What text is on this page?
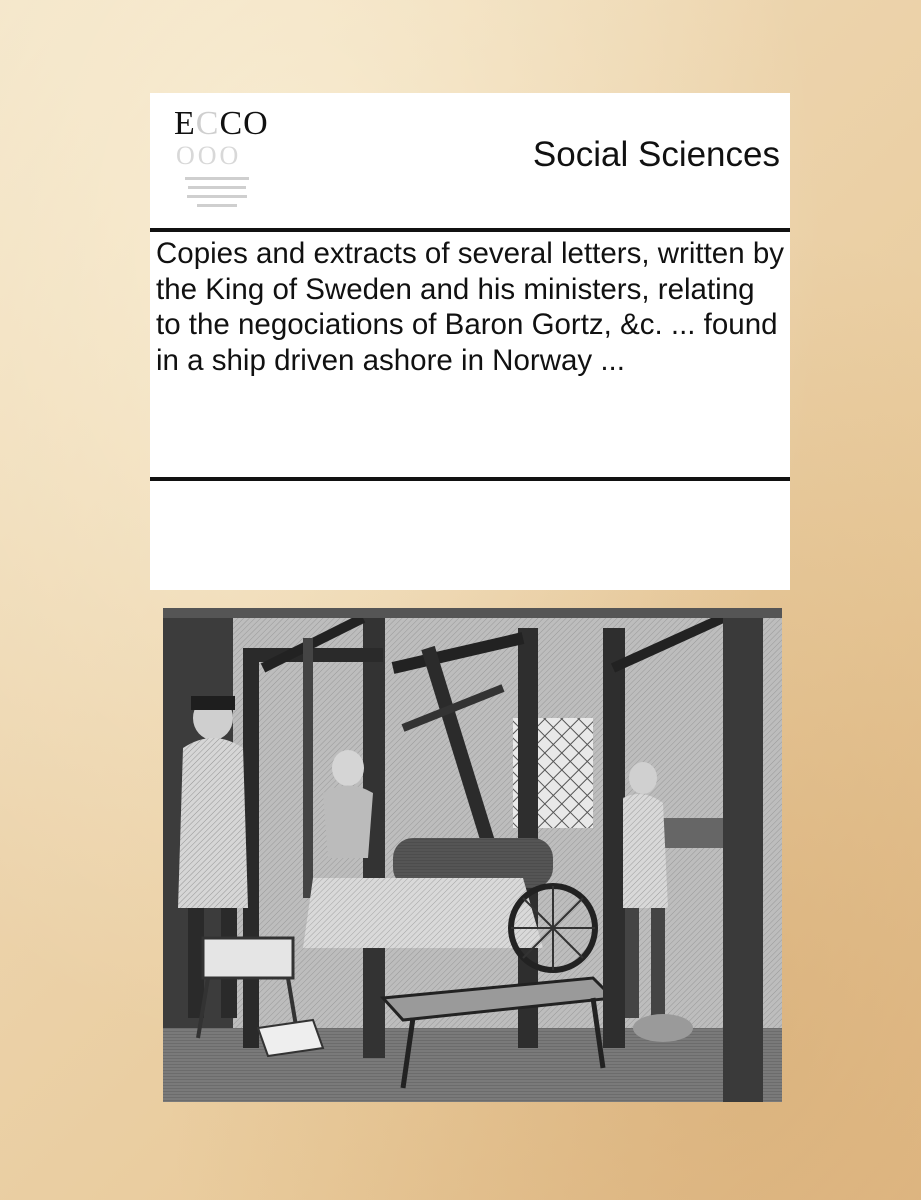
ECCO
OOO	Social Sciences
Copies and extracts of several letters, written by the King of Sweden and his ministers, relating to the negociations of Baron Gortz, &c. ... found in a ship driven ashore in Norway ...
